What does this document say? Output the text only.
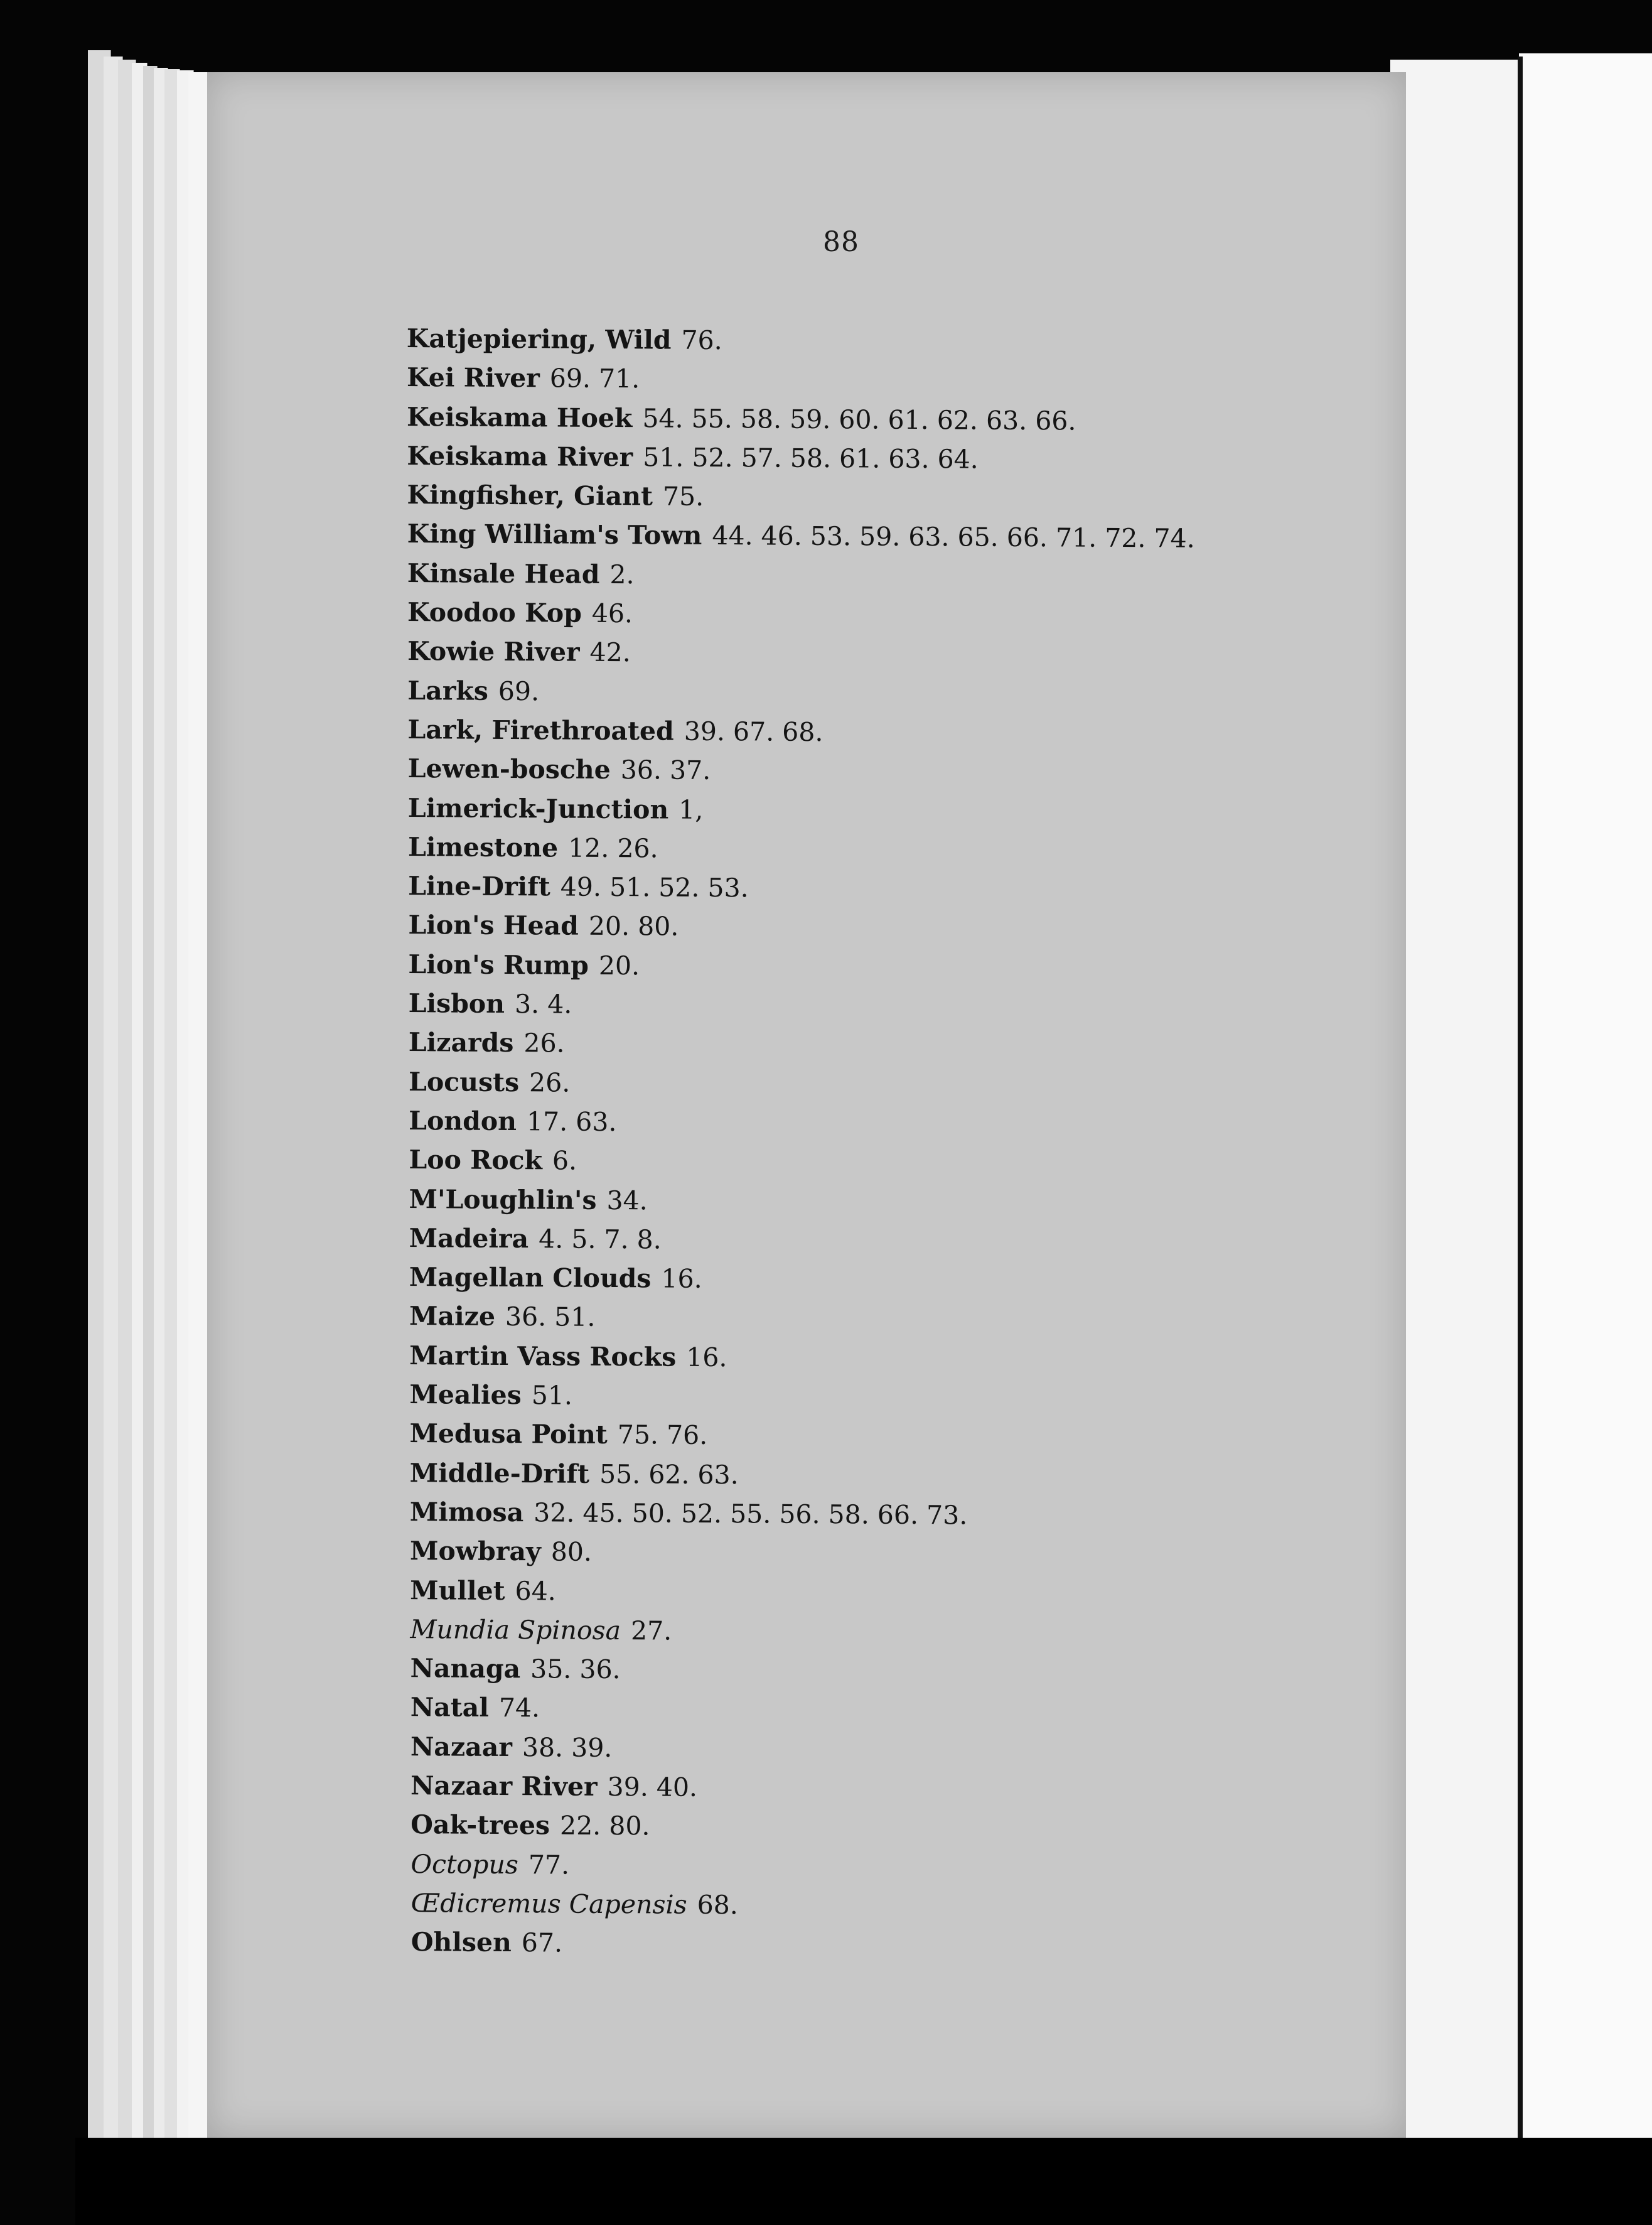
88
Katjepiering, Wild 76.
Kei River 69. 71.
Keiskama Hoek 54. 55. 58. 59. 60. 61. 62. 63. 66.
Keiskama River 51. 52. 57. 58. 61. 63. 64.
Kingfisher, Giant 75.
King William's Town 44. 46. 53. 59. 63. 65. 66. 71. 72. 74.
Kinsale Head 2.
Koodoo Kop 46.
Kowie River 42.
Larks 69.
Lark, Firethroated 39. 67. 68.
Lewen-bosche 36. 37.
Limerick-Junction 1,
Limestone 12. 26.
Line-Drift 49. 51. 52. 53.
Lion's Head 20. 80.
Lion's Rump 20.
Lisbon 3. 4.
Lizards 26.
Locusts 26.
London 17. 63.
Loo Rock 6.
M'Loughlin's 34.
Madeira 4. 5. 7. 8.
Magellan Clouds 16.
Maize 36. 51.
Martin Vass Rocks 16.
Mealies 51.
Medusa Point 75. 76.
Middle-Drift 55. 62. 63.
Mimosa 32. 45. 50. 52. 55. 56. 58. 66. 73.
Mowbray 80.
Mullet 64.
Mundia Spinosa 27.
Nanaga 35. 36.
Natal 74.
Nazaar 38. 39.
Nazaar River 39. 40.
Oak-trees 22. 80.
Octopus 77.
Œdicremus Capensis 68.
Ohlsen 67.
